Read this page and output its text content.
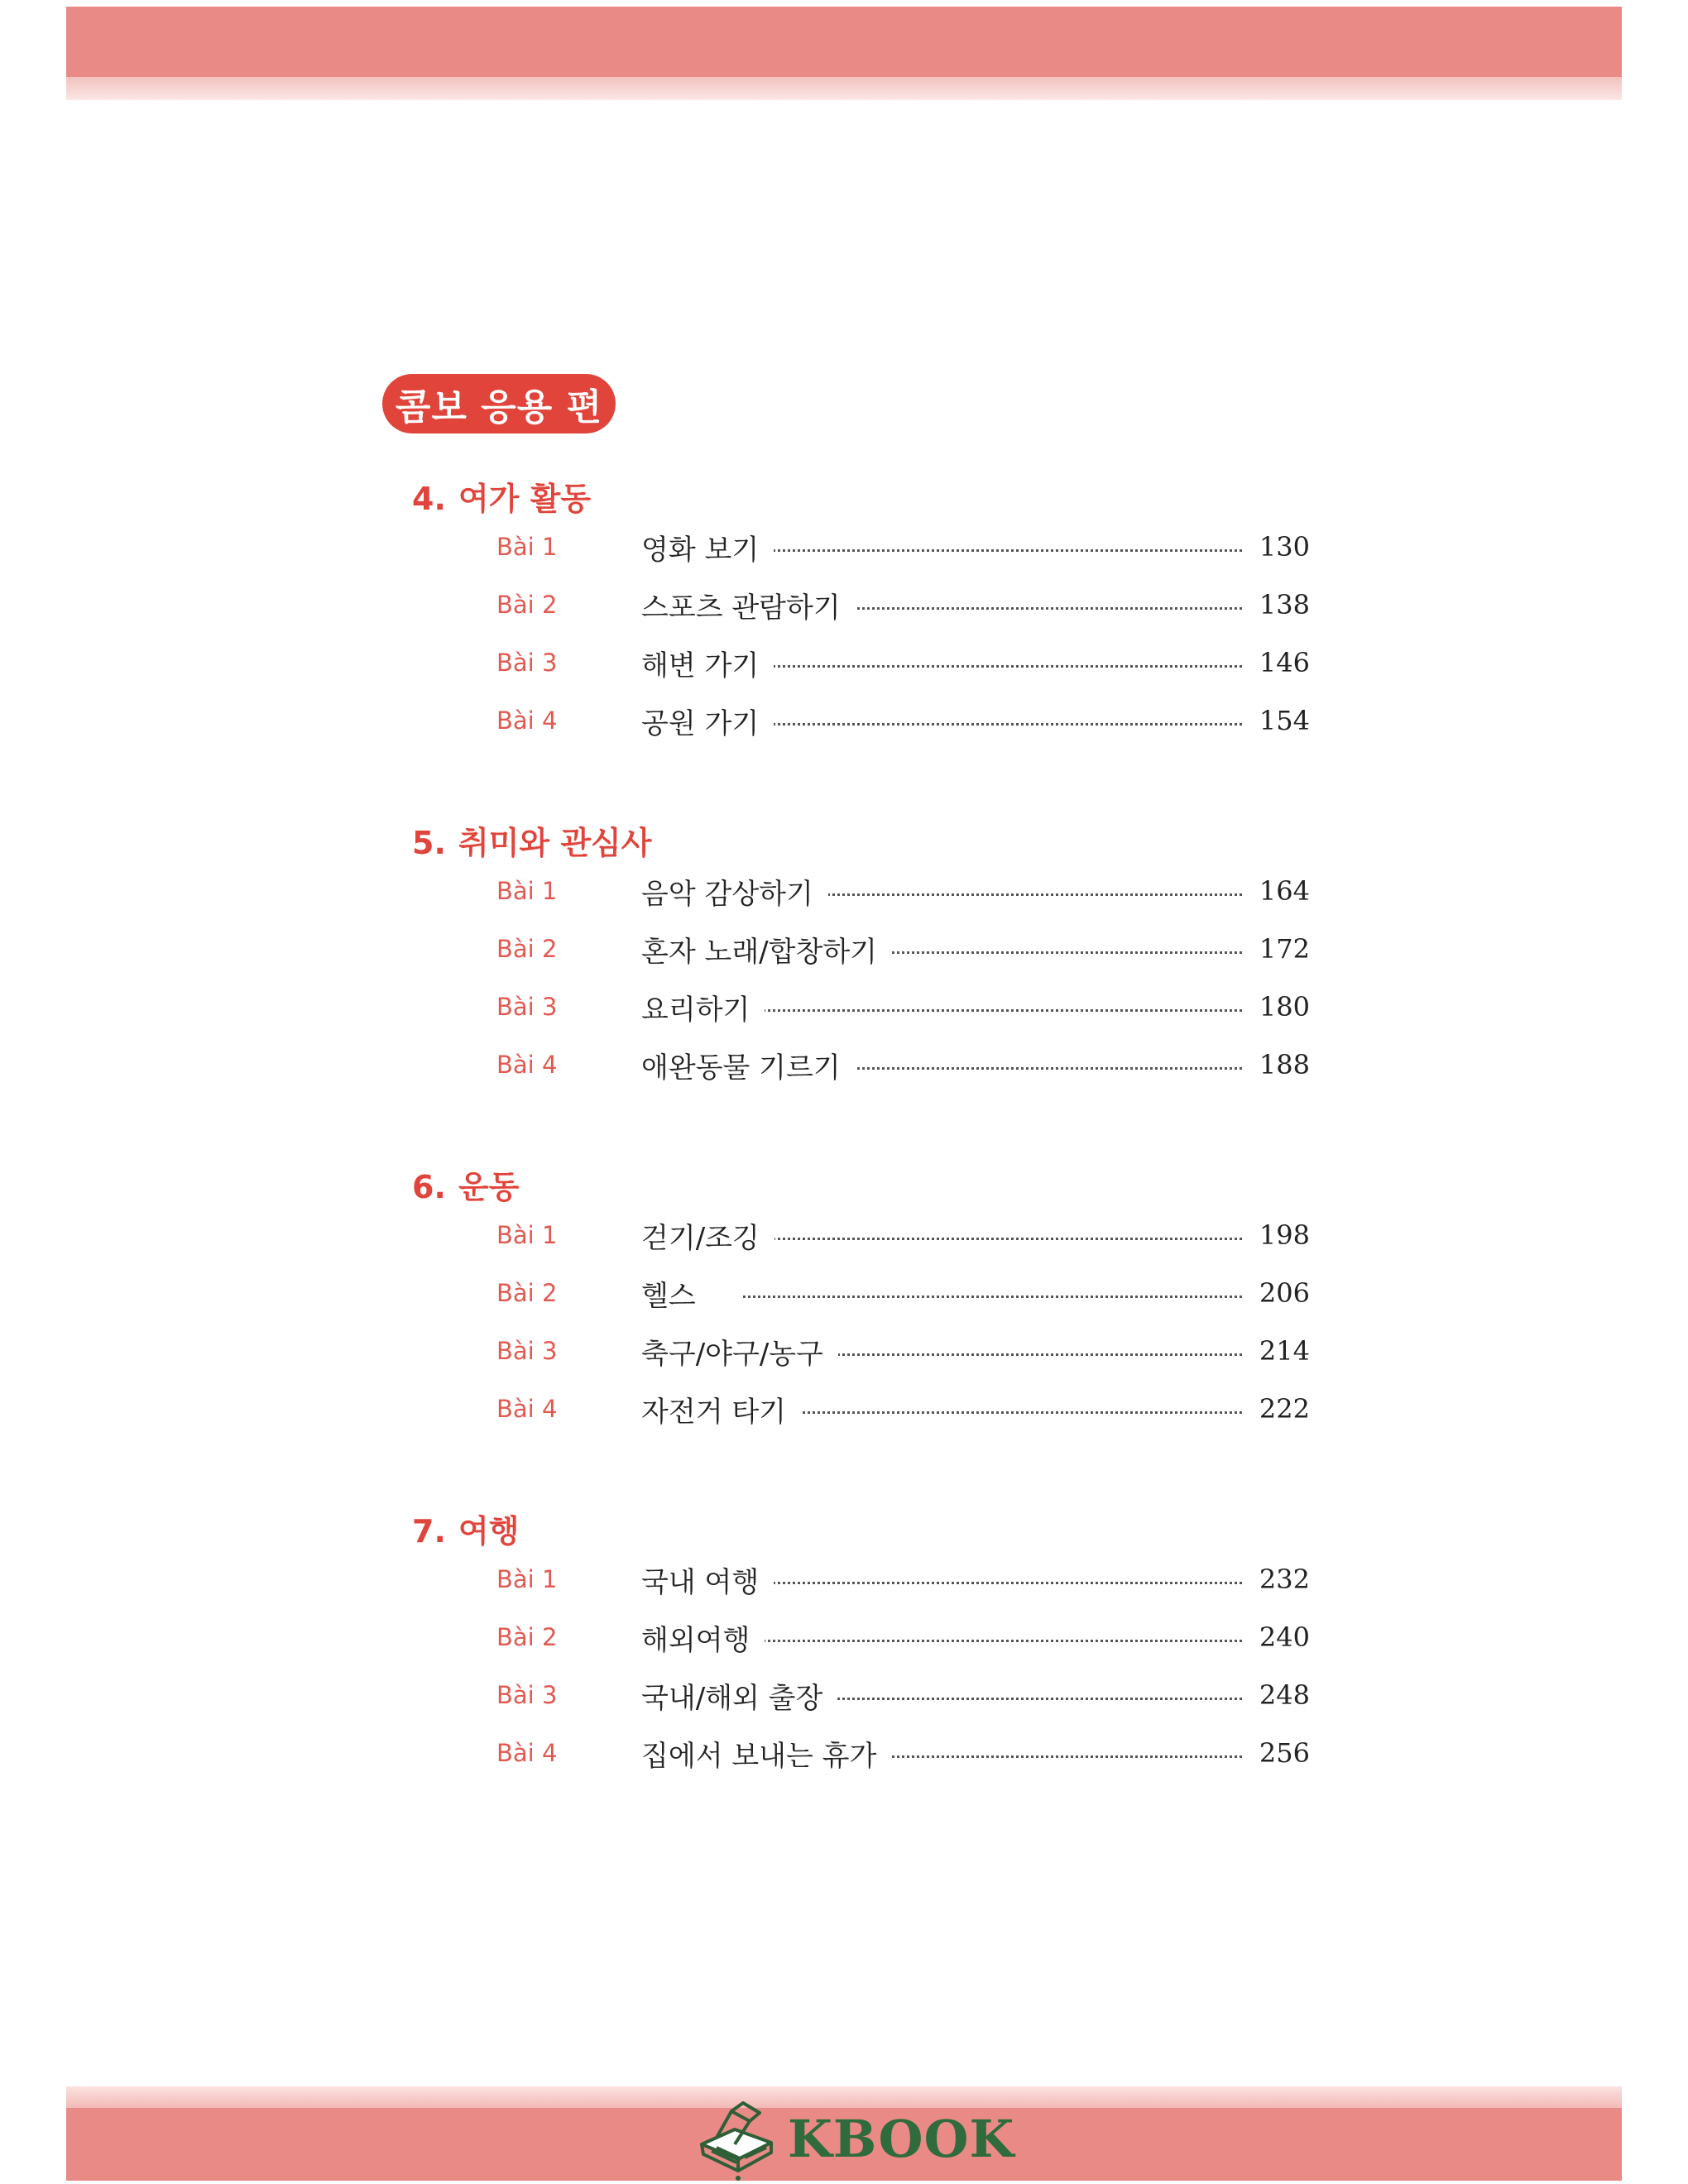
콤보 응용 편
4. 여가 활동
Bài 1	영화 보기	130
Bài 2	스포츠 관람하기	138
Bài 3	해변 가기	146
Bài 4	공원 가기	154
5. 취미와 관심사
Bài 1	음악 감상하기	164
Bài 2	혼자 노래/합창하기	172
Bài 3	요리하기	180
Bài 4	애완동물 기르기	188
6. 운동
Bài 1	걷기/조깅	198
Bài 2	헬스	206
Bài 3	축구/야구/농구	214
Bài 4	자전거 타기	222
7. 여행
Bài 1	국내 여행	232
Bài 2	해외여행	240
Bài 3	국내/해외 출장	248
Bài 4	집에서 보내는 휴가	256
KBOOK
